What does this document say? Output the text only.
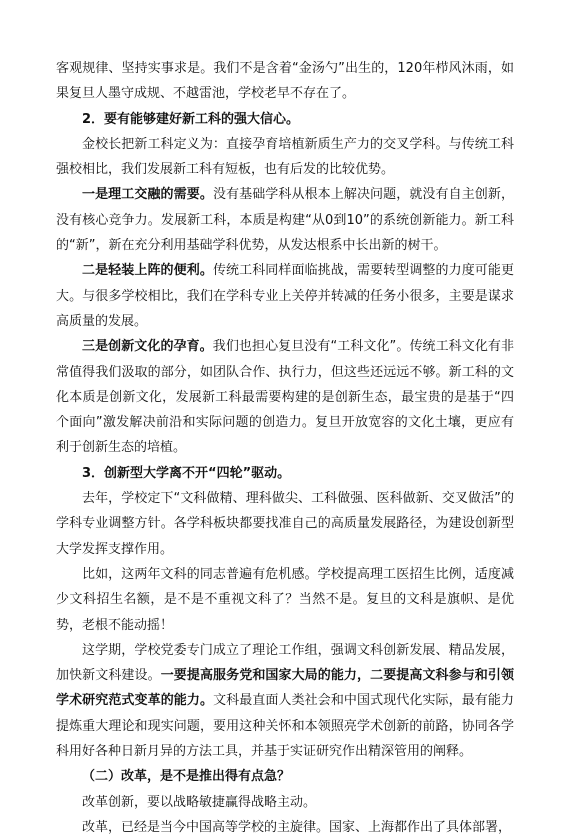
客观规律、坚持实事求是。我们不是含着“金汤勺”出生的，120年栉风沐雨，如果复旦人墨守成规、不越雷池，学校老早不存在了。

2．要有能够建好新工科的强大信心。

金校长把新工科定义为：直接孕育培植新质生产力的交叉学科。与传统工科强校相比，我们发展新工科有短板，也有后发的比较优势。

一是理工交融的需要。没有基础学科从根本上解决问题，就没有自主创新，没有核心竞争力。发展新工科，本质是构建“从0到10”的系统创新能力。新工科的“新”，新在充分利用基础学科优势，从发达根系中长出新的树干。

二是轻装上阵的便利。传统工科同样面临挑战，需要转型调整的力度可能更大。与很多学校相比，我们在学科专业上关停并转减的任务小很多，主要是谋求高质量的发展。

三是创新文化的孕育。我们也担心复旦没有“工科文化”。传统工科文化有非常值得我们汲取的部分，如团队合作、执行力，但这些还远远不够。新工科的文化本质是创新文化，发展新工科最需要构建的是创新生态，最宝贵的是基于“四个面向”激发解决前沿和实际问题的创造力。复旦开放宽容的文化土壤，更应有利于创新生态的培植。

3．创新型大学离不开“四轮”驱动。

去年，学校定下“文科做精、理科做尖、工科做强、医科做新、交叉做活”的学科专业调整方针。各学科板块都要找准自己的高质量发展路径，为建设创新型大学发挥支撑作用。

比如，这两年文科的同志普遍有危机感。学校提高理工医招生比例，适度减少文科招生名额，是不是不重视文科了？当然不是。复旦的文科是旗帜、是优势，老根不能动摇！

这学期，学校党委专门成立了理论工作组，强调文科创新发展、精品发展，加快新文科建设。一要提高服务党和国家大局的能力，二要提高文科参与和引领学术研究范式变革的能力。文科最直面人类社会和中国式现代化实际，最有能力提炼重大理论和现实问题，要用这种关怀和本领照亮学术创新的前路，协同各学科用好各种日新月异的方法工具，并基于实证研究作出精深管用的阐释。

（二）改革，是不是推出得有点急？

改革创新，要以战略敏捷赢得战略主动。

改革，已经是当今中国高等学校的主旋律。国家、上海都作出了具体部署，
